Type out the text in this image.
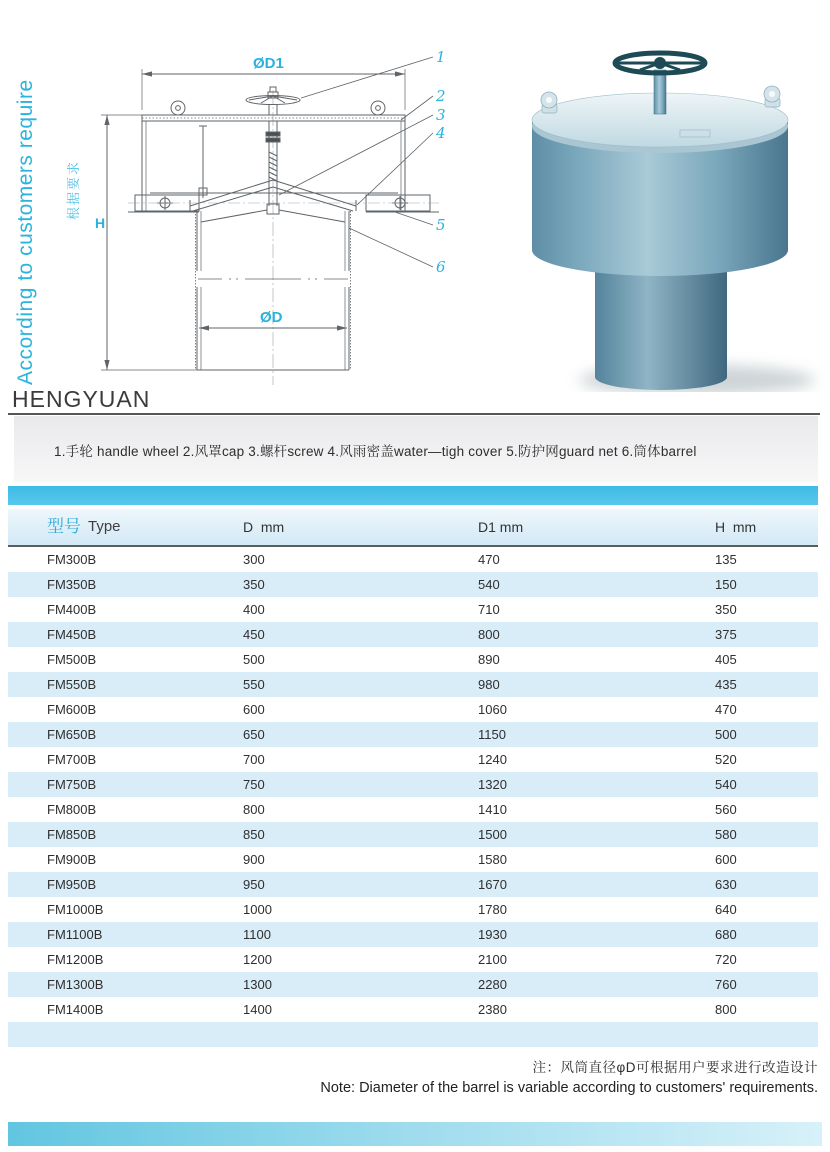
According to customers require 根据要求
ØD1
ØD
H
1
2
3
4
5
6
HENGYUAN
1.手轮 handle wheel 2.风罩cap 3.螺杆screw 4.风雨密盖water—tigh cover 5.防护网guard net 6.筒体barrel
型号 Type	D  mm	D1 mm	H  mm
FM300B	300	470	135
FM350B	350	540	150
FM400B	400	710	350
FM450B	450	800	375
FM500B	500	890	405
FM550B	550	980	435
FM600B	600	1060	470
FM650B	650	1150	500
FM700B	700	1240	520
FM750B	750	1320	540
FM800B	800	1410	560
FM850B	850	1500	580
FM900B	900	1580	600
FM950B	950	1670	630
FM1000B	1000	1780	640
FM1100B	1100	1930	680
FM1200B	1200	2100	720
FM1300B	1300	2280	760
FM1400B	1400	2380	800
注：风筒直径φD可根据用户要求进行改造设计
Note: Diameter of the barrel is variable according to customers' requirements.
